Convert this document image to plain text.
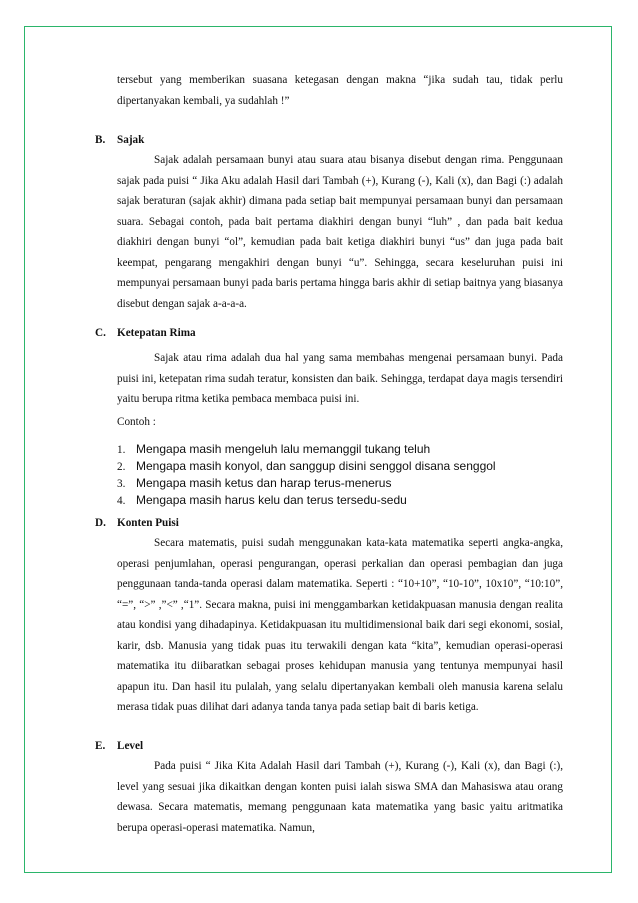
tersebut yang memberikan suasana ketegasan dengan makna “jika sudah tau, tidak perlu dipertanyakan kembali, ya sudahlah !”

B. Sajak

Sajak adalah persamaan bunyi atau suara atau bisanya disebut dengan rima. Penggunaan sajak pada puisi “ Jika Aku adalah Hasil dari Tambah (+), Kurang (-), Kali (x), dan Bagi (:) adalah sajak beraturan (sajak akhir) dimana pada setiap bait mempunyai persamaan bunyi dan persamaan suara. Sebagai contoh, pada bait pertama diakhiri dengan bunyi “luh” , dan pada bait kedua diakhiri dengan bunyi “ol”, kemudian pada bait ketiga diakhiri bunyi “us” dan juga pada bait keempat, pengarang mengakhiri dengan bunyi “u”. Sehingga, secara keseluruhan puisi ini mempunyai persamaan bunyi pada baris pertama hingga baris akhir di setiap baitnya yang biasanya disebut dengan sajak a-a-a-a.

C. Ketepatan Rima

Sajak atau rima adalah dua hal yang sama membahas mengenai persamaan bunyi. Pada puisi ini, ketepatan rima sudah teratur, konsisten dan baik. Sehingga, terdapat daya magis tersendiri yaitu berupa ritma ketika pembaca membaca puisi ini.

Contoh :

1. Mengapa masih mengeluh lalu memanggil tukang teluh
2. Mengapa masih konyol, dan sanggup disini senggol disana senggol
3. Mengapa masih ketus dan harap terus-menerus
4. Mengapa masih harus kelu dan terus tersedu-sedu

D. Konten Puisi

Secara matematis, puisi sudah menggunakan kata-kata matematika seperti angka-angka, operasi penjumlahan, operasi pengurangan, operasi perkalian dan operasi pembagian dan juga penggunaan tanda-tanda operasi dalam matematika. Seperti : “10+10”, “10-10”, 10x10”, “10:10”, “=”, “>” ,”<” ,“1”. Secara makna, puisi ini menggambarkan ketidakpuasan manusia dengan realita atau kondisi yang dihadapinya. Ketidakpuasan itu multidimensional baik dari segi ekonomi, sosial, karir, dsb. Manusia yang tidak puas itu terwakili dengan kata “kita”, kemudian operasi-operasi matematika itu diibaratkan sebagai proses kehidupan manusia yang tentunya mempunyai hasil apapun itu. Dan hasil itu pulalah, yang selalu dipertanyakan kembali oleh manusia karena selalu merasa tidak puas dilihat dari adanya tanda tanya pada setiap bait di baris ketiga.

E. Level

Pada puisi “ Jika Kita Adalah Hasil dari Tambah (+), Kurang (-), Kali (x), dan Bagi (:), level yang sesuai jika dikaitkan dengan konten puisi ialah siswa SMA dan Mahasiswa atau orang dewasa. Secara matematis, memang penggunaan kata matematika yang basic yaitu aritmatika berupa operasi-operasi matematika. Namun,
